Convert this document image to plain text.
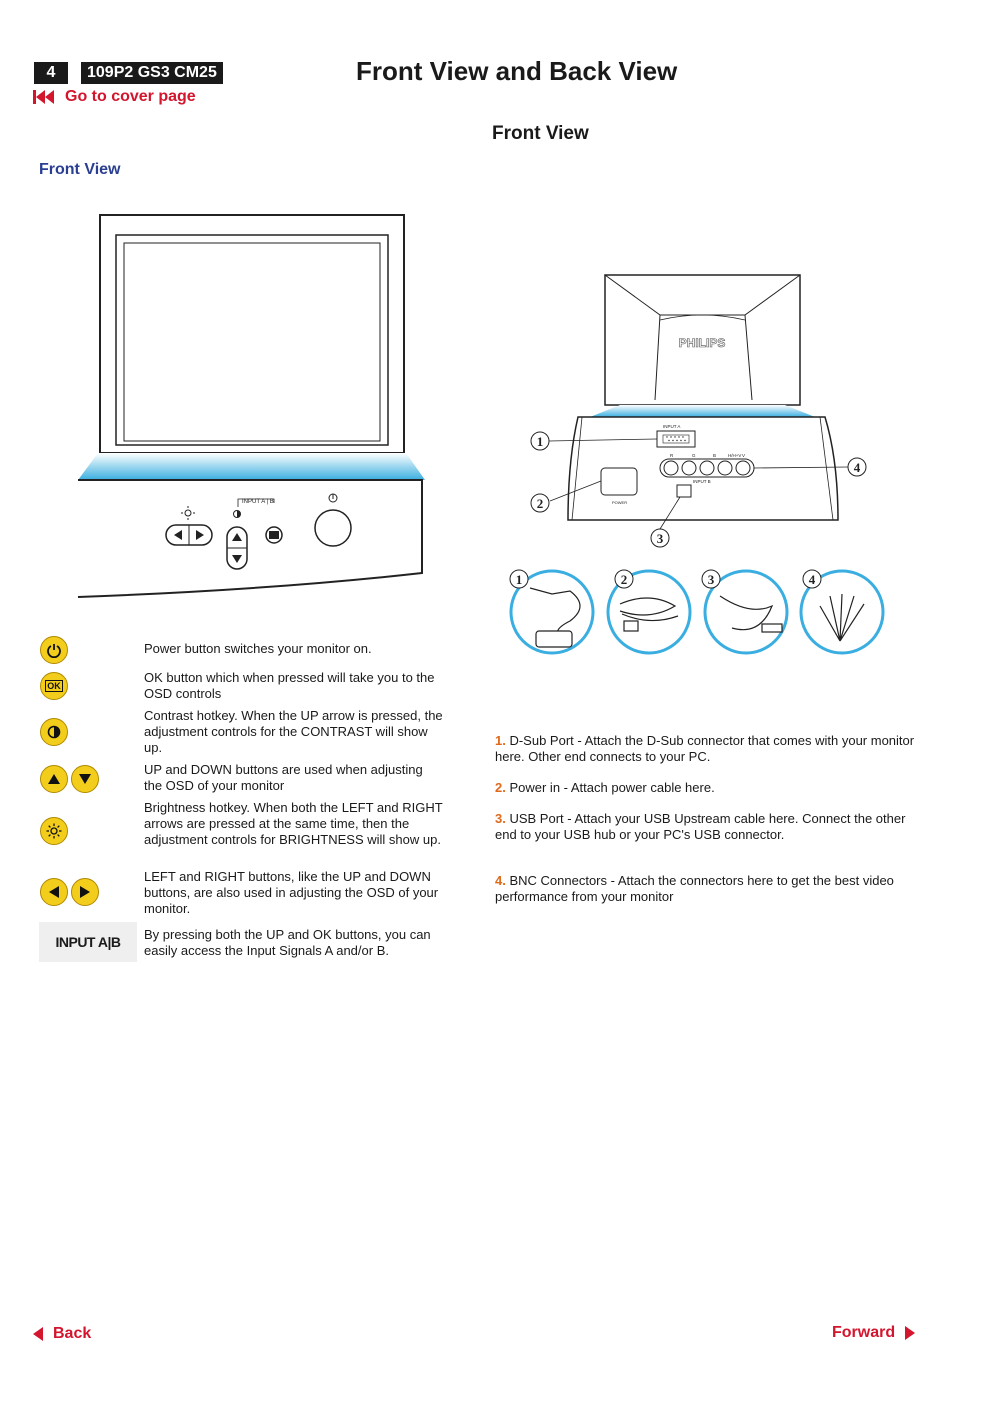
4	109P2 GS3 CM25
Go to cover page
Front View and Back View
Front View
Front View
INPUT A | B
Power button switches your monitor on.
OK
OK button which when pressed will take you to the OSD controls
Contrast hotkey. When the UP arrow is pressed, the adjustment controls for the CONTRAST will show up.
UP and DOWN buttons are used when adjusting the OSD of your monitor
Brightness hotkey. When both the LEFT and RIGHT arrows are pressed at the same time, then the adjustment controls for BRIGHTNESS will show up.
LEFT and RIGHT buttons, like the UP and DOWN buttons, are also used in adjusting the OSD of your monitor.
INPUT A|B By pressing both the UP and OK buttons, you can easily access the Input Signals A and/or B.
PHILIPS
INPUT A
R	G	B	H/H+V V
INPUT B
POWER
1
2
3
4
1	2	3	4
1. D-Sub Port - Attach the D-Sub connector that comes with your monitor here. Other end connects to your PC.
2. Power in - Attach power cable here.
3. USB Port - Attach your USB Upstream cable here. Connect the other end to your USB hub or your PC's USB connector.
4. BNC Connectors - Attach the connectors here to get the best video performance from your monitor
Back	Forward
